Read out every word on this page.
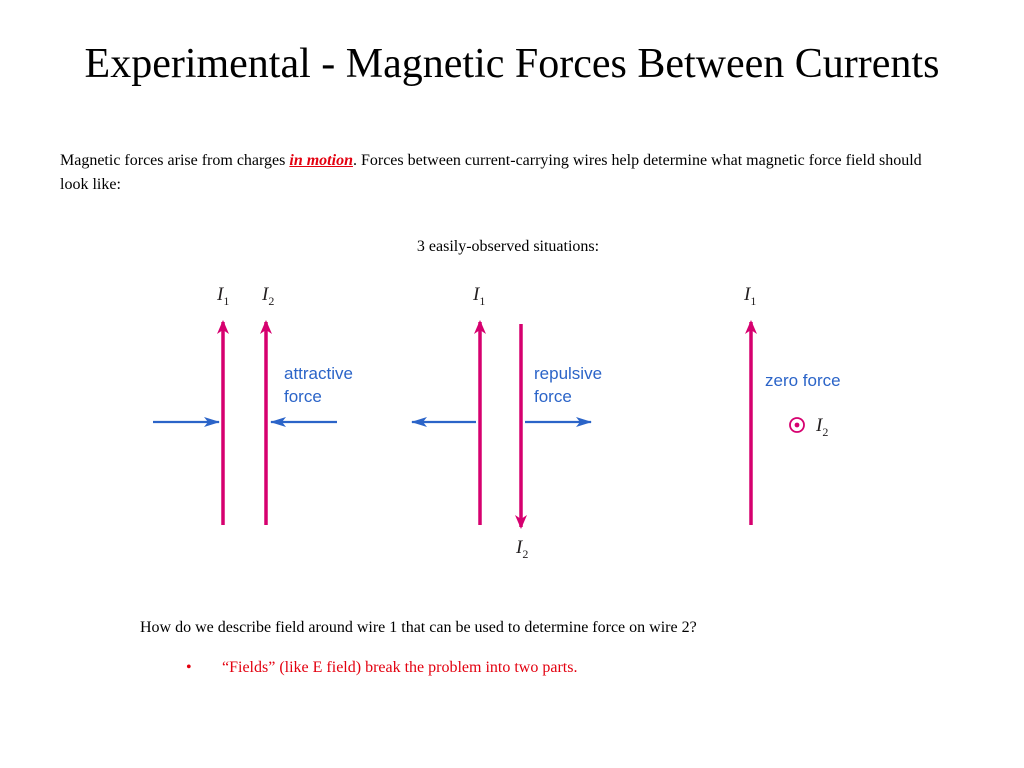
Experimental - Magnetic Forces Between Currents
Magnetic forces arise from charges in motion. Forces between current-carrying wires help determine what magnetic force field should look like:
3 easily-observed situations:
$I_1$ $I_2$
attractive
force
$I_1$
$I_2$
repulsive
force
$I_1$
zero force
$I_2$
How do we describe field around wire 1 that can be used to determine force on wire 2?
• “Fields” (like E field) break the problem into two parts.
